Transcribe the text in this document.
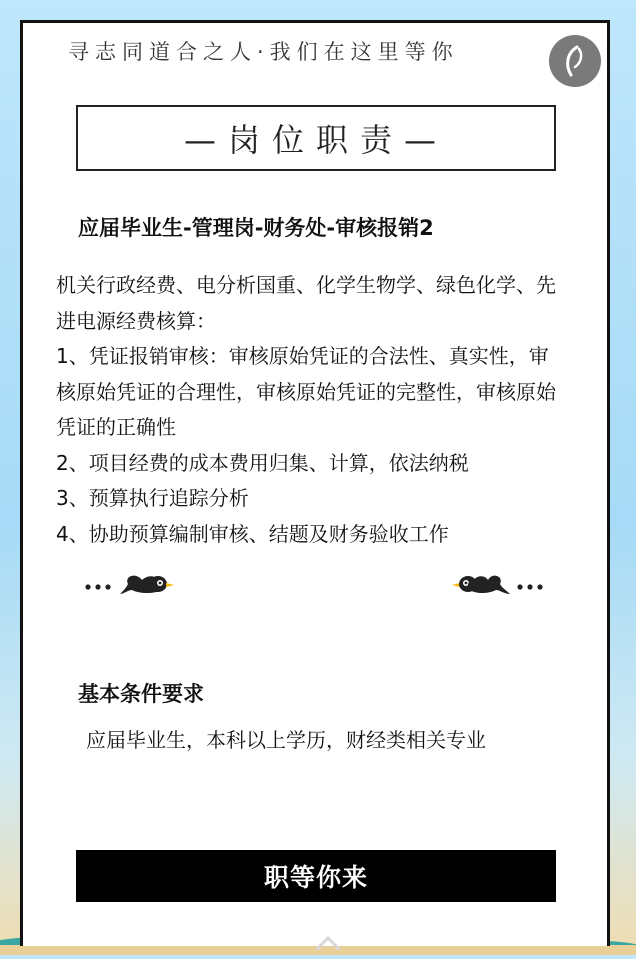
寻志同道合之人·我们在这里等你
—岗位职责—
应届毕业生-管理岗-财务处-审核报销2
机关行政经费、电分析国重、化学生物学、绿色化学、先进电源经费核算：
1、凭证报销审核：审核原始凭证的合法性、真实性，审核原始凭证的合理性，审核原始凭证的完整性，审核原始凭证的正确性
2、项目经费的成本费用归集、计算，依法纳税
3、预算执行追踪分析
4、协助预算编制审核、结题及财务验收工作
基本条件要求
应届毕业生，本科以上学历，财经类相关专业
职等你来
